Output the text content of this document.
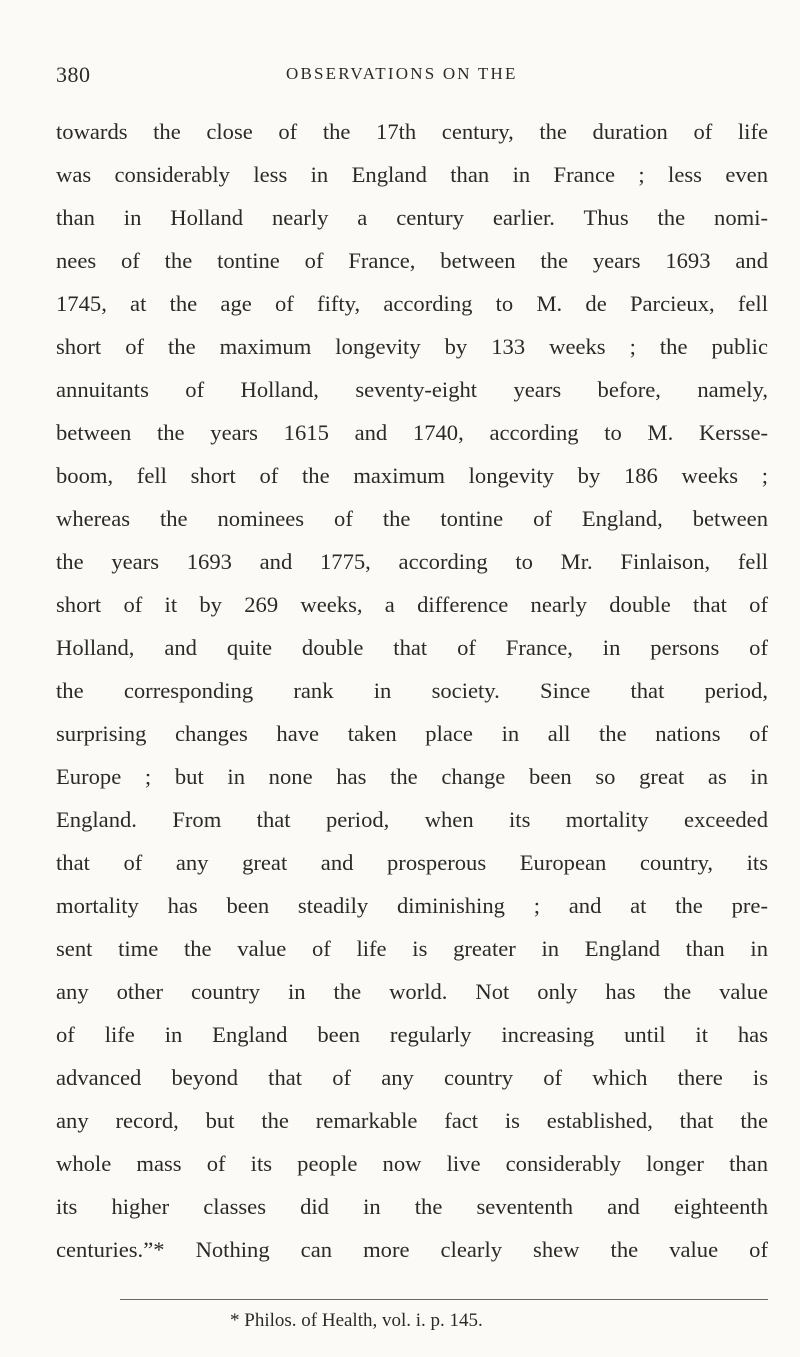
380	OBSERVATIONS ON THE
towards the close of the 17th century, the duration of life
was considerably less in England than in France ; less even
than in Holland nearly a century earlier. Thus the nomi-
nees of the tontine of France, between the years 1693 and
1745, at the age of fifty, according to M. de Parcieux, fell
short of the maximum longevity by 133 weeks ; the public
annuitants of Holland, seventy-eight years before, namely,
between the years 1615 and 1740, according to M. Kersse-
boom, fell short of the maximum longevity by 186 weeks ;
whereas the nominees of the tontine of England, between
the years 1693 and 1775, according to Mr. Finlaison, fell
short of it by 269 weeks, a difference nearly double that of
Holland, and quite double that of France, in persons of
the corresponding rank in society. Since that period,
surprising changes have taken place in all the nations of
Europe ; but in none has the change been so great as in
England. From that period, when its mortality exceeded
that of any great and prosperous European country, its
mortality has been steadily diminishing ; and at the pre-
sent time the value of life is greater in England than in
any other country in the world. Not only has the value
of life in England been regularly increasing until it has
advanced beyond that of any country of which there is
any record, but the remarkable fact is established, that the
whole mass of its people now live considerably longer than
its higher classes did in the sevententh and eighteenth
centuries.”* Nothing can more clearly shew the value of
* Philos. of Health, vol. i. p. 145.
